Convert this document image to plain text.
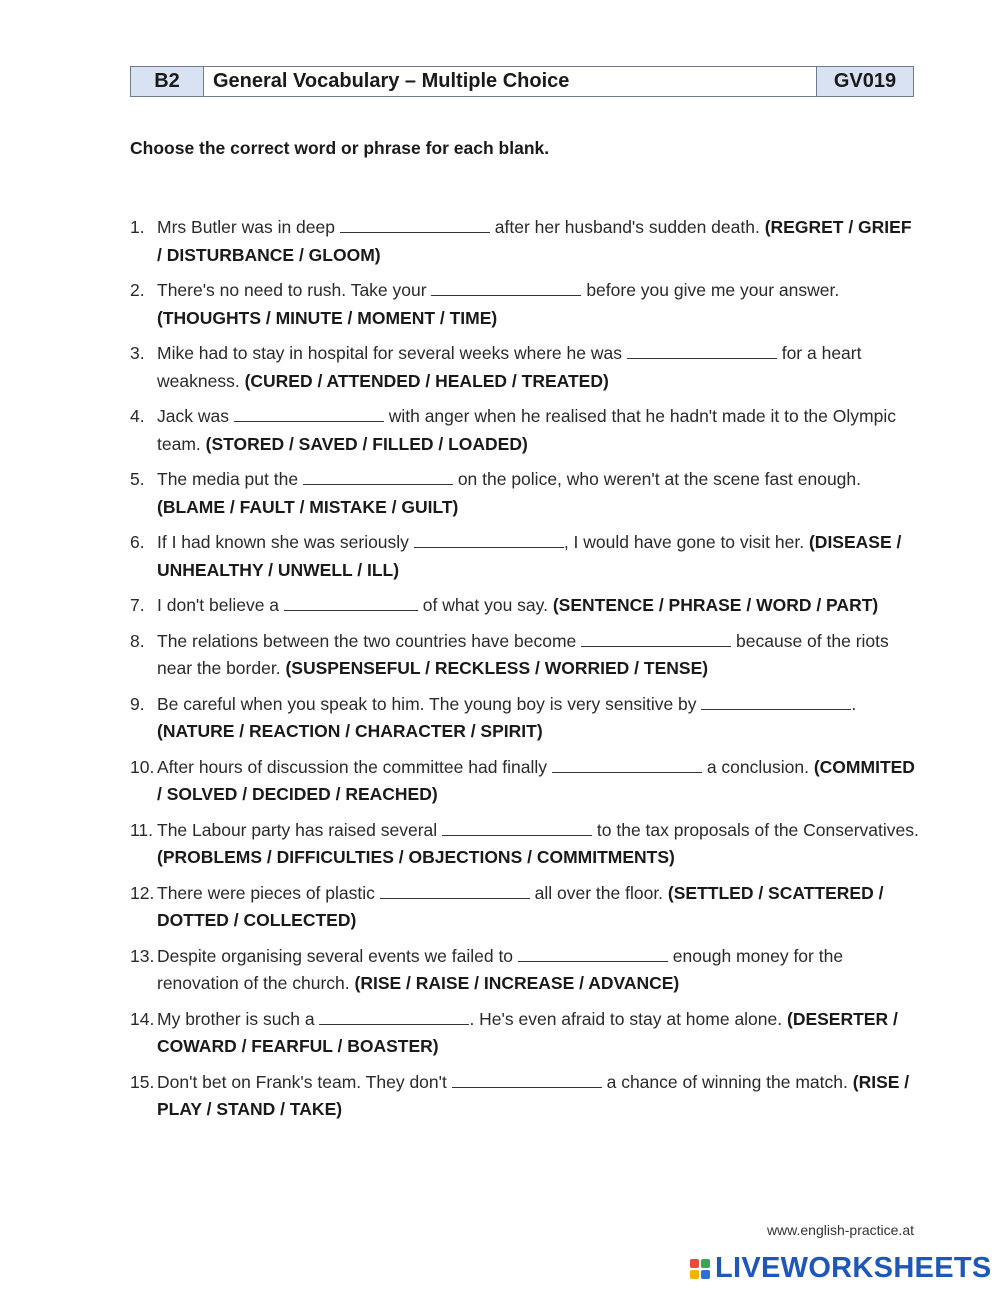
B2	General Vocabulary – Multiple Choice	GV019
Choose the correct word or phrase for each blank.
1. Mrs Butler was in deep	after her husband's sudden death. (REGRET / GRIEF / DISTURBANCE / GLOOM)
2. There's no need to rush. Take your	before you give me your answer. (THOUGHTS / MINUTE / MOMENT / TIME)
3. Mike had to stay in hospital for several weeks where he was	for a heart weakness. (CURED / ATTENDED / HEALED / TREATED)
4. Jack was	with anger when he realised that he hadn't made it to the Olympic team. (STORED / SAVED / FILLED / LOADED)
5. The media put the	on the police, who weren't at the scene fast enough. (BLAME / FAULT / MISTAKE / GUILT)
6. If I had known she was seriously	, I would have gone to visit her. (DISEASE / UNHEALTHY / UNWELL / ILL)
7. I don't believe a	of what you say. (SENTENCE / PHRASE / WORD / PART)
8. The relations between the two countries have become	because of the riots near the border. (SUSPENSEFUL / RECKLESS / WORRIED / TENSE)
9. Be careful when you speak to him. The young boy is very sensitive by	. (NATURE / REACTION / CHARACTER / SPIRIT)
10. After hours of discussion the committee had finally	a conclusion. (COMMITED / SOLVED / DECIDED / REACHED)
11. The Labour party has raised several	to the tax proposals of the Conservatives. (PROBLEMS / DIFFICULTIES / OBJECTIONS / COMMITMENTS)
12. There were pieces of plastic	all over the floor. (SETTLED / SCATTERED / DOTTED / COLLECTED)
13. Despite organising several events we failed to	enough money for the renovation of the church. (RISE / RAISE / INCREASE / ADVANCE)
14. My brother is such a	. He's even afraid to stay at home alone. (DESERTER / COWARD / FEARFUL / BOASTER)
15. Don't bet on Frank's team. They don't	a chance of winning the match. (RISE / PLAY / STAND / TAKE)
www.english-practice.at
LIVEWORKSHEETS
